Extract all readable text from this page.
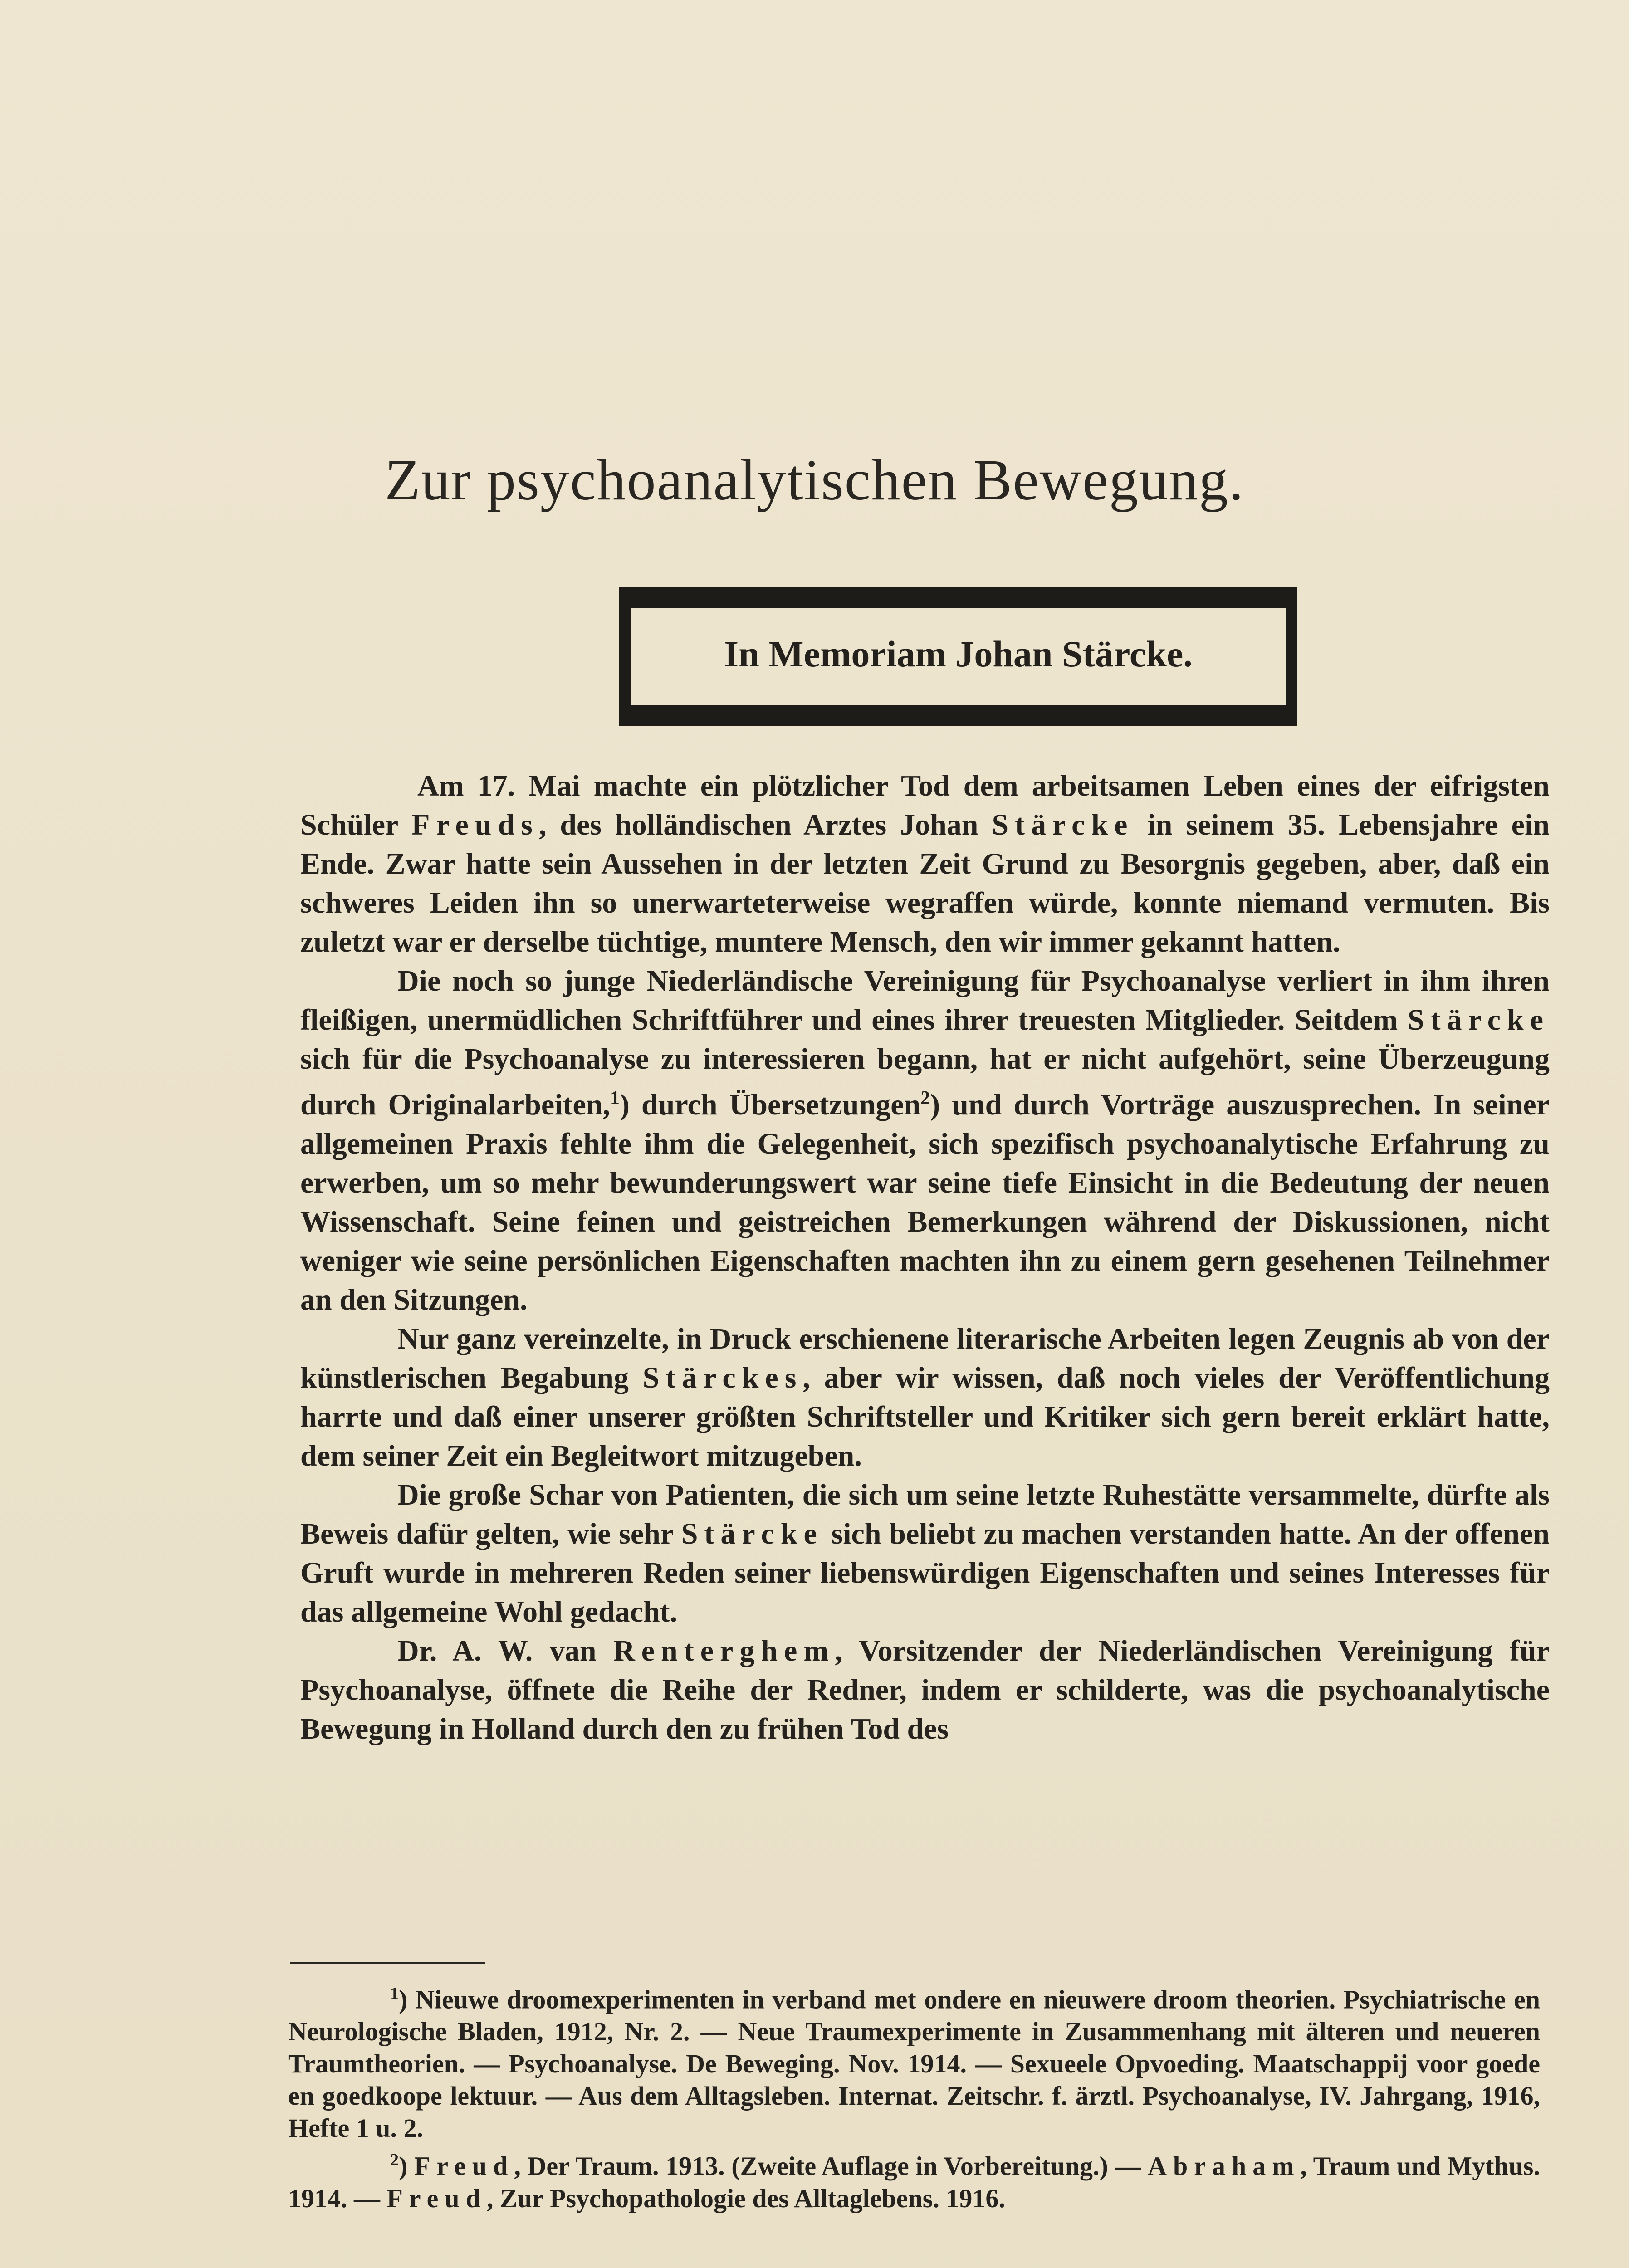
Zur psychoanalytischen Bewegung.
In Memoriam Johan Stärcke.

Am 17. Mai machte ein plötzlicher Tod dem arbeitsamen Leben eines der eifrigsten Schüler Freuds, des holländischen Arztes Johan Stärcke in seinem 35. Lebensjahre ein Ende. Zwar hatte sein Aussehen in der letzten Zeit Grund zu Besorgnis gegeben, aber, daß ein schweres Leiden ihn so unerwarteterweise wegraffen würde, konnte niemand vermuten. Bis zuletzt war er derselbe tüchtige, muntere Mensch, den wir immer gekannt hatten.

Die noch so junge Niederländische Vereinigung für Psychoanalyse verliert in ihm ihren fleißigen, unermüdlichen Schriftführer und eines ihrer treuesten Mitglieder. Seitdem Stärcke sich für die Psychoanalyse zu interessieren begann, hat er nicht aufgehört, seine Überzeugung durch Originalarbeiten,$^1$) durch Übersetzungen$^2$) und durch Vorträge auszusprechen. In seiner allgemeinen Praxis fehlte ihm die Gelegenheit, sich spezifisch psychoanalytische Erfahrung zu erwerben, um so mehr bewunderungswert war seine tiefe Einsicht in die Bedeutung der neuen Wissenschaft. Seine feinen und geistreichen Bemerkungen während der Diskussionen, nicht weniger wie seine persönlichen Eigenschaften machten ihn zu einem gern gesehenen Teilnehmer an den Sitzungen.

Nur ganz vereinzelte, in Druck erschienene literarische Arbeiten legen Zeugnis ab von der künstlerischen Begabung Stärckes, aber wir wissen, daß noch vieles der Veröffentlichung harrte und daß einer unserer größten Schriftsteller und Kritiker sich gern bereit erklärt hatte, dem seiner Zeit ein Begleitwort mitzugeben.

Die große Schar von Patienten, die sich um seine letzte Ruhestätte versammelte, dürfte als Beweis dafür gelten, wie sehr Stärcke sich beliebt zu machen verstanden hatte. An der offenen Gruft wurde in mehreren Reden seiner liebenswürdigen Eigenschaften und seines Interesses für das allgemeine Wohl gedacht.

Dr. A. W. van Renterghem, Vorsitzender der Niederländischen Vereinigung für Psychoanalyse, öffnete die Reihe der Redner, indem er schilderte, was die psychoanalytische Bewegung in Holland durch den zu frühen Tod des

$^1$) Nieuwe droomexperimenten in verband met ondere en nieuwere droom theorien. Psychiatrische en Neurologische Bladen, 1912, Nr. 2. — Neue Traumexperimente in Zusammenhang mit älteren und neueren Traumtheorien. — Psychoanalyse. De Beweging. Nov. 1914. — Sexueele Opvoeding. Maatschappij voor goede en goedkoope lektuur. — Aus dem Alltagsleben. Internat. Zeitschr. f. ärztl. Psychoanalyse, IV. Jahrgang, 1916, Hefte 1 u. 2.

$^2$) Freud, Der Traum. 1913. (Zweite Auflage in Vorbereitung.) — Abraham, Traum und Mythus. 1914. — Freud, Zur Psychopathologie des Alltaglebens. 1916.
